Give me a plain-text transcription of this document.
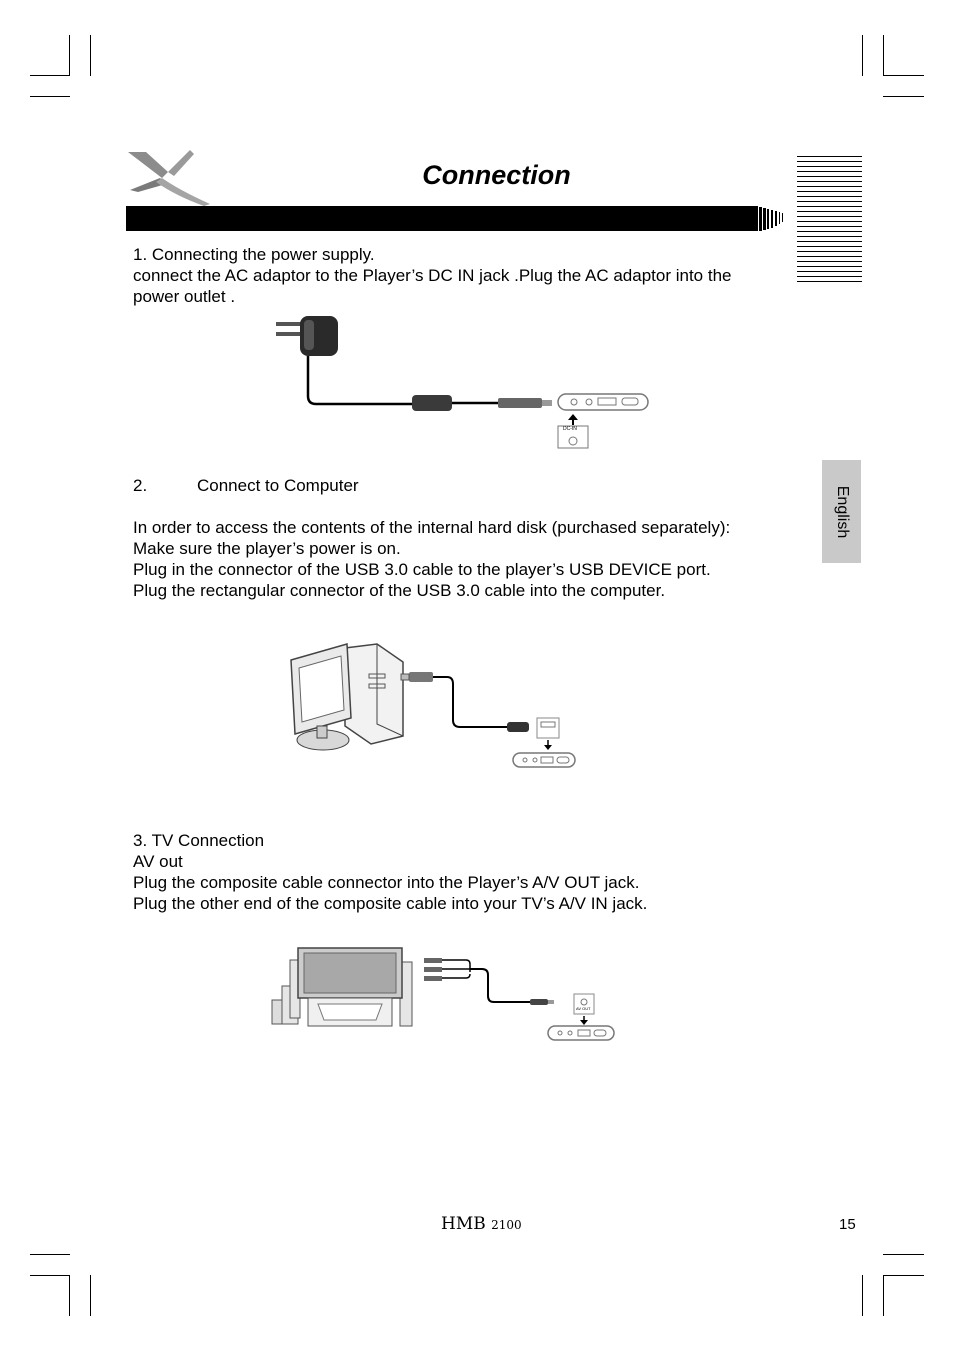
Connection
English
1. Connecting the power supply.
connect the AC adaptor to the Player’s DC IN jack .Plug the AC adaptor into the
power outlet .
DC-IN
2.	Connect to Computer
In order to access the contents of the internal hard disk (purchased separately):
Make sure the player’s power is on.
Plug in the connector of the USB 3.0 cable to the player’s USB DEVICE port.
Plug the rectangular connector of the USB 3.0 cable into the computer.
3. TV Connection
AV out
Plug the composite cable connector into the Player’s A/V OUT jack.
Plug the other end of the composite cable into your TV’s A/V IN jack.
AV OUT
HMB 2100	15
